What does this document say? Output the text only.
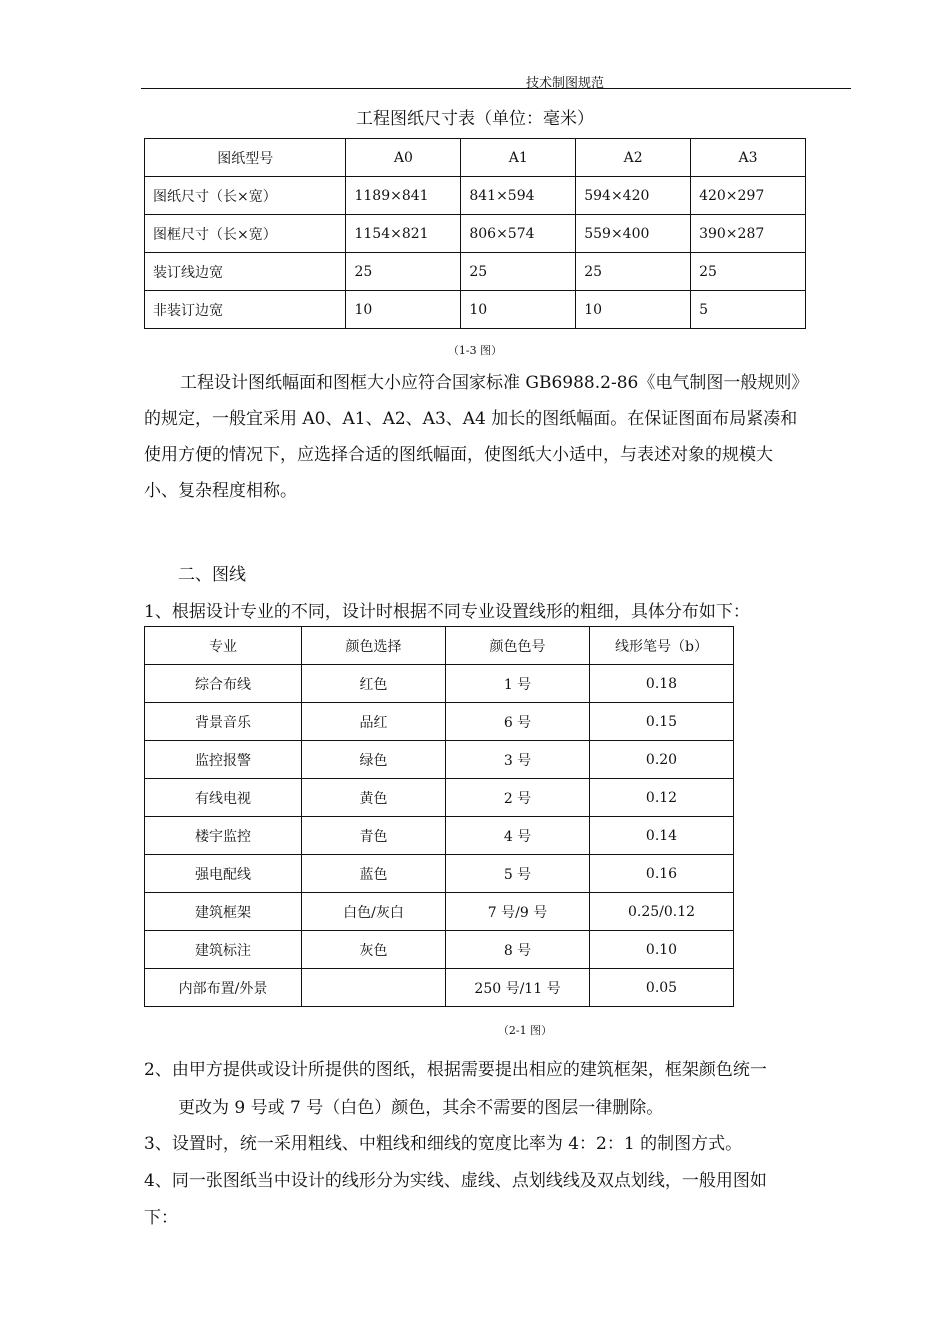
技术制图规范
工程图纸尺寸表（单位：毫米）
图纸型号	A0	A1	A2	A3
图纸尺寸（长×宽）	1189×841	841×594	594×420	420×297
图框尺寸（长×宽）	1154×821	806×574	559×400	390×287
装订线边宽	25	25	25	25
非装订边宽	10	10	10	5
（1-3 图）
工程设计图纸幅面和图框大小应符合国家标准 GB6988.2-86《电气制图一般规则》
的规定，一般宜采用 A0、A1、A2、A3、A4 加长的图纸幅面。在保证图面布局紧凑和
使用方便的情况下，应选择合适的图纸幅面，使图纸大小适中，与表述对象的规模大
小、复杂程度相称。
二、图线
1、根据设计专业的不同，设计时根据不同专业设置线形的粗细，具体分布如下：
专业	颜色选择	颜色色号	线形笔号（b）
综合布线	红色	1 号	0.18
背景音乐	品红	6 号	0.15
监控报警	绿色	3 号	0.20
有线电视	黄色	2 号	0.12
楼宇监控	青色	4 号	0.14
强电配线	蓝色	5 号	0.16
建筑框架	白色/灰白	7 号/9 号	0.25/0.12
建筑标注	灰色	8 号	0.10
内部布置/外景		250 号/11 号	0.05
（2-1 图）
2、由甲方提供或设计所提供的图纸，根据需要提出相应的建筑框架，框架颜色统一
更改为 9 号或 7 号（白色）颜色，其余不需要的图层一律删除。
3、设置时，统一采用粗线、中粗线和细线的宽度比率为 4：2：1 的制图方式。
4、同一张图纸当中设计的线形分为实线、虚线、点划线线及双点划线，一般用图如
下：
